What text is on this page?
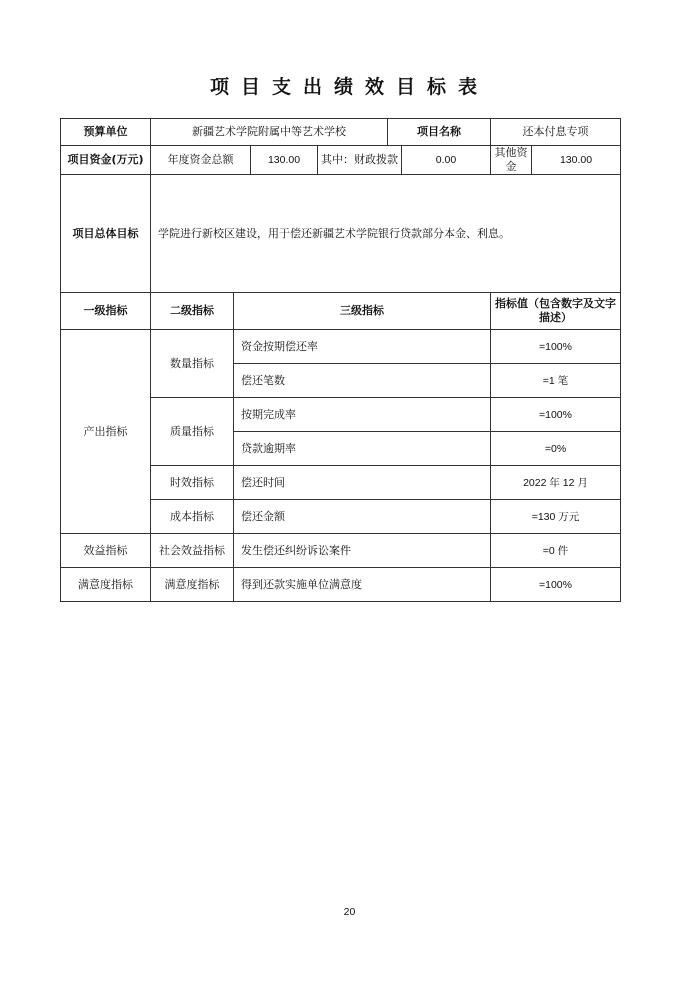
项目支出绩效目标表
预算单位	新疆艺术学院附属中等艺术学校				项目名称		还本付息专项	
项目资金(万元)	年度资金总额		130.00	其中：财政拨款		0.00	其他资金	130.00
项目总体目标	学院进行新校区建设，用于偿还新疆艺术学院银行贷款部分本金、利息。							
一级指标	二级指标	三级指标					指标值（包含数字及文字描述）	
产出指标	数量指标	资金按期偿还率					=100%	
		偿还笔数					=1 笔	
	质量指标	按期完成率					=100%	
		贷款逾期率					=0%	
	时效指标	偿还时间					2022 年 12 月	
	成本指标	偿还金额					=130 万元	
效益指标	社会效益指标	发生偿还纠纷诉讼案件					=0 件	
满意度指标	满意度指标	得到还款实施单位满意度					=100%	
20
